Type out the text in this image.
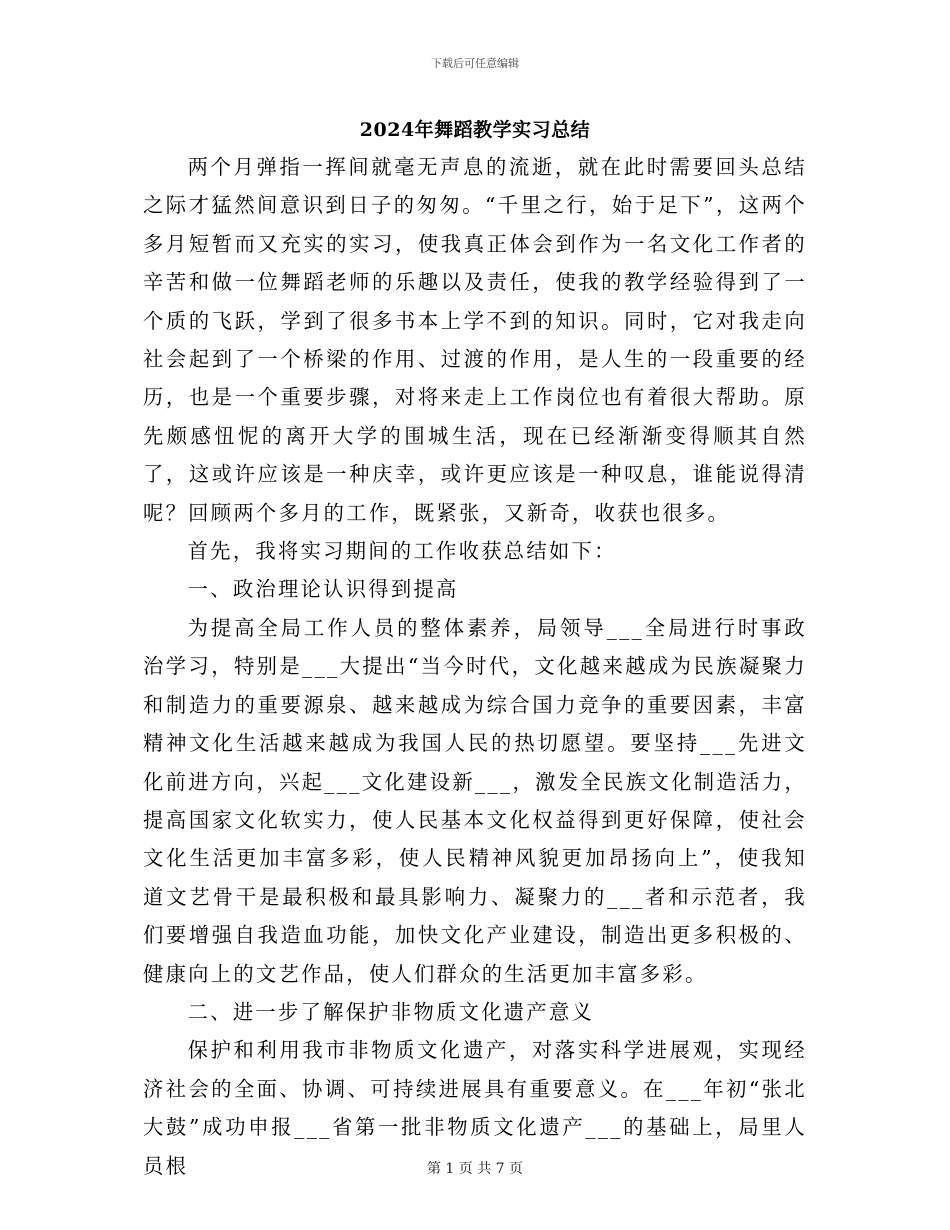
下载后可任意编辑
2024年舞蹈教学实习总结

两个月弹指一挥间就毫无声息的流逝，就在此时需要回头总结之际才猛然间意识到日子的匆匆。“千里之行，始于足下”，这两个多月短暂而又充实的实习，使我真正体会到作为一名文化工作者的辛苦和做一位舞蹈老师的乐趣以及责任，使我的教学经验得到了一个质的飞跃，学到了很多书本上学不到的知识。同时，它对我走向社会起到了一个桥梁的作用、过渡的作用，是人生的一段重要的经历，也是一个重要步骤，对将来走上工作岗位也有着很大帮助。原先颇感忸怩的离开大学的围城生活，现在已经渐渐变得顺其自然了，这或许应该是一种庆幸，或许更应该是一种叹息，谁能说得清呢？回顾两个多月的工作，既紧张，又新奇，收获也很多。

首先，我将实习期间的工作收获总结如下：

一、政治理论认识得到提高

为提高全局工作人员的整体素养，局领导___全局进行时事政治学习，特别是___大提出“当今时代，文化越来越成为民族凝聚力和制造力的重要源泉、越来越成为综合国力竞争的重要因素，丰富精神文化生活越来越成为我国人民的热切愿望。要坚持___先进文化前进方向，兴起___文化建设新___，激发全民族文化制造活力，提高国家文化软实力，使人民基本文化权益得到更好保障，使社会文化生活更加丰富多彩，使人民精神风貌更加昂扬向上”，使我知道文艺骨干是最积极和最具影响力、凝聚力的___者和示范者，我们要增强自我造血功能，加快文化产业建设，制造出更多积极的、健康向上的文艺作品，使人们群众的生活更加丰富多彩。

二、进一步了解保护非物质文化遗产意义

保护和利用我市非物质文化遗产，对落实科学进展观，实现经济社会的全面、协调、可持续进展具有重要意义。在___年初“张北大鼓”成功申报___省第一批非物质文化遗产___的基础上，局里人员根	第 1 页 共 7 页
